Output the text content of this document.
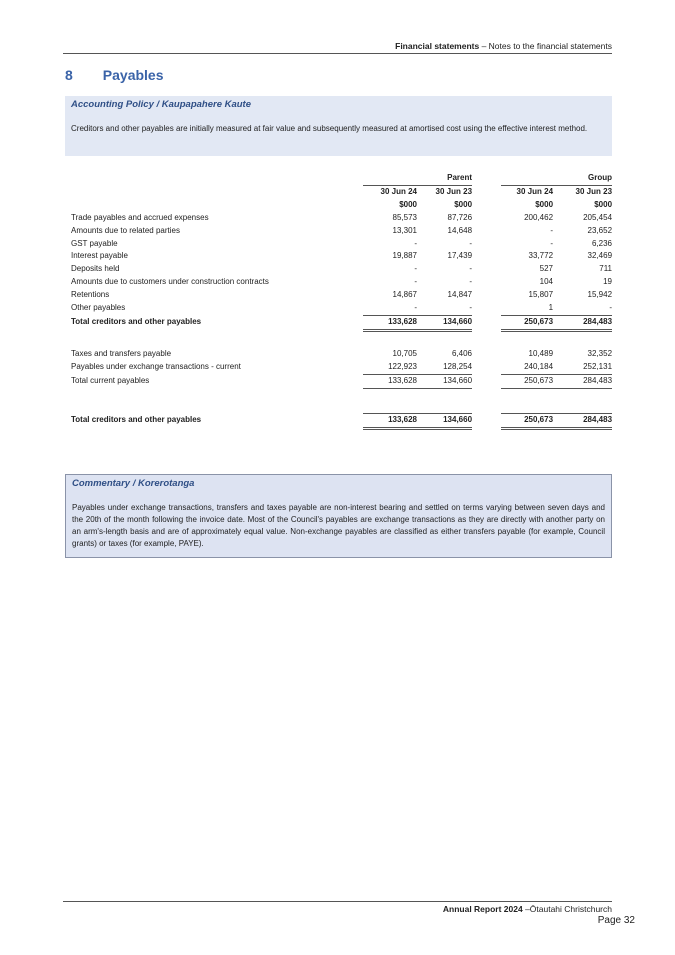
Financial statements – Notes to the financial statements
8 Payables
Accounting Policy / Kaupapahere Kaute
Creditors and other payables are initially measured at fair value and subsequently measured at amortised cost using the effective interest method.
	Parent				Group		
	30 Jun 24		30 Jun 23		30 Jun 24		30 Jun 23
	$000		$000		$000		$000
Trade payables and accrued expenses	85,573		87,726		200,462		205,454
Amounts due to related parties	13,301		14,648		-		23,652
GST payable	-		-		-		6,236
Interest payable	19,887		17,439		33,772		32,469
Deposits held	-		-		527		711
Amounts due to customers under construction contracts	-		-		104		19
Retentions	14,867		14,847		15,807		15,942
Other payables	-		-		1		-
Total creditors and other payables	133,628		134,660		250,673		284,483

Taxes and transfers payable	10,705		6,406		10,489		32,352
Payables under exchange transactions - current	122,923		128,254		240,184		252,131
Total current payables	133,628		134,660		250,673		284,483

Total creditors and other payables	133,628		134,660		250,673		284,483
Commentary / Korerotanga
Payables under exchange transactions, transfers and taxes payable are non-interest bearing and settled on terms varying between seven days and the 20th of the month following the invoice date. Most of the Council's payables are exchange transactions as they are directly with another party on an arm's-length basis and are of approximately equal value. Non-exchange payables are classified as either transfers payable (for example, Council grants) or taxes (for example, PAYE).
Annual Report 2024 –Ōtautahi Christchurch
Page 32
